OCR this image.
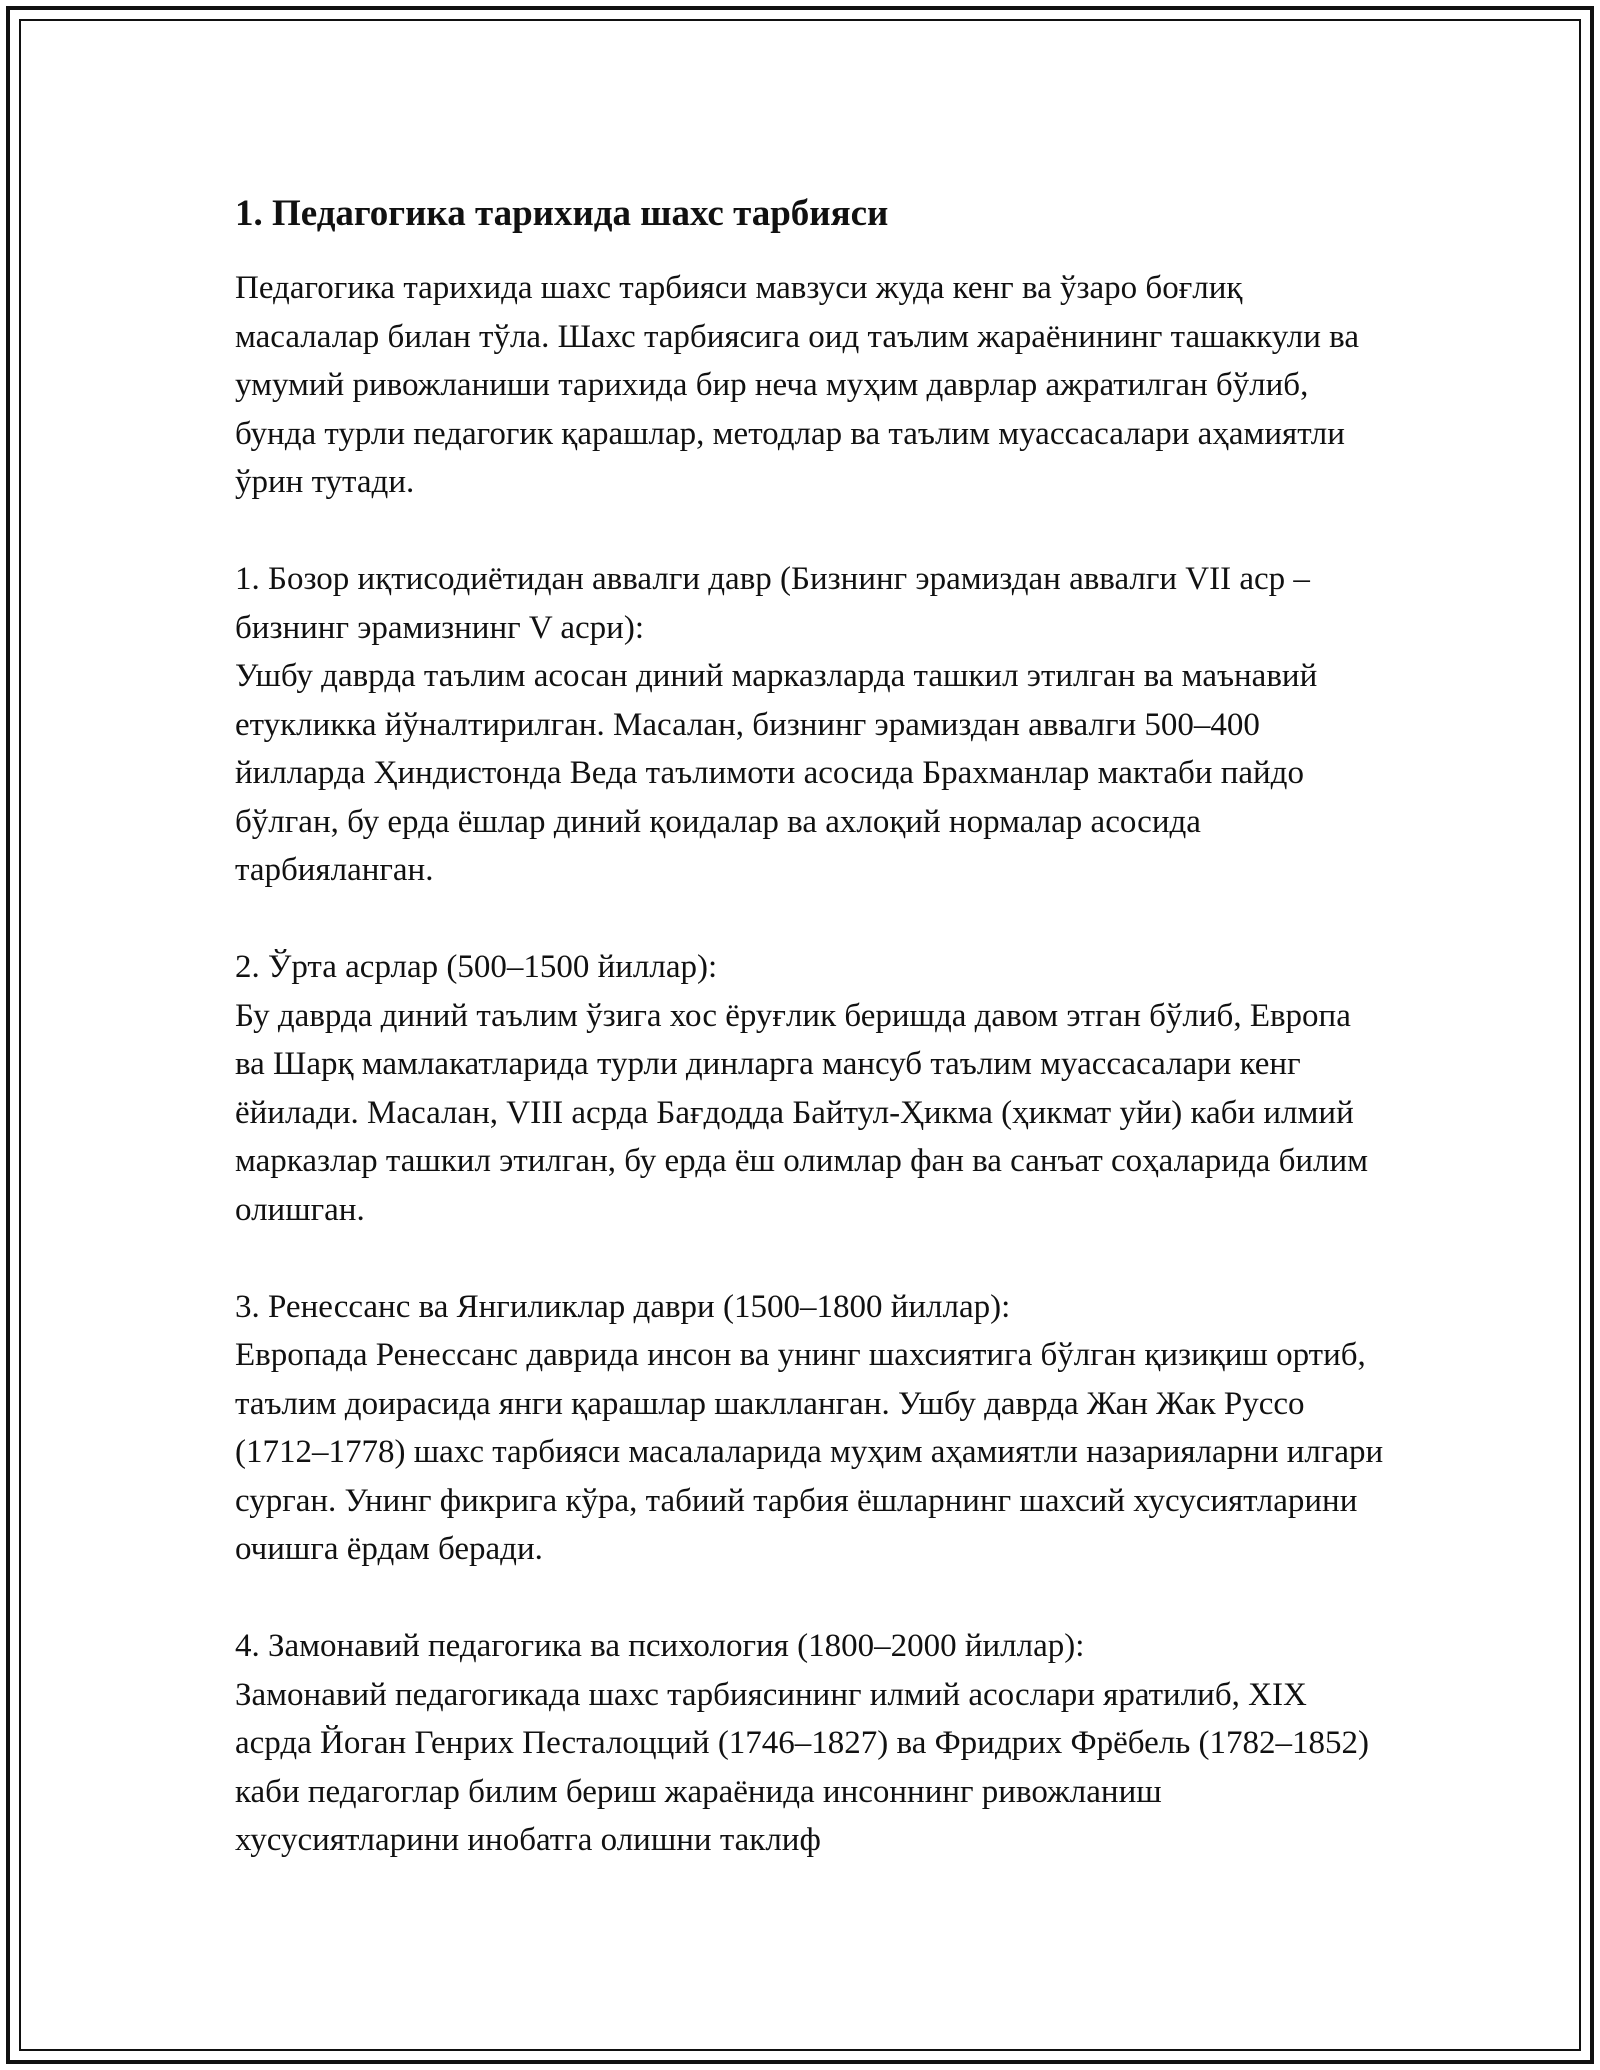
1. Педагогика тарихида шахс тарбияси

Педагогика тарихида шахс тарбияси мавзуси жуда кенг ва ўзаро боғлиқ масалалар билан тўла. Шахс тарбиясига оид таълим жараёнининг ташаккули ва умумий ривожланиши тарихида бир неча муҳим даврлар ажратилган бўлиб, бунда турли педагогик қарашлар, методлар ва таълим муассасалари аҳамиятли ўрин тутади.

1. Бозор иқтисодиётидан аввалги давр (Бизнинг эрамиздан аввалги VII аср – бизнинг эрамизнинг V асри):

Ушбу даврда таълим асосан диний марказларда ташкил этилган ва маънавий етукликка йўналтирилган. Масалан, бизнинг эрамиздан аввалги 500–400 йилларда Ҳиндистонда Веда таълимоти асосида Брахманлар мактаби пайдо бўлган, бу ерда ёшлар диний қоидалар ва ахлоқий нормалар асосида тарбияланган.

2. Ўрта асрлар (500–1500 йиллар):

Бу даврда диний таълим ўзига хос ёруғлик беришда давом этган бўлиб, Европа ва Шарқ мамлакатларида турли динларга мансуб таълим муассасалари кенг ёйилади. Масалан, VIII асрда Бағдодда Байтул-Ҳикма (ҳикмат уйи) каби илмий марказлар ташкил этилган, бу ерда ёш олимлар фан ва санъат соҳаларида билим олишган.

3. Ренессанс ва Янгиликлар даври (1500–1800 йиллар):

Европада Ренессанс даврида инсон ва унинг шахсиятига бўлган қизиқиш ортиб, таълим доирасида янги қарашлар шаклланган. Ушбу даврда Жан Жак Руссо (1712–1778) шахс тарбияси масалаларида муҳим аҳамиятли назарияларни илгари сурган. Унинг фикрига кўра, табиий тарбия ёшларнинг шахсий хусусиятларини очишга ёрдам беради.

4. Замонавий педагогика ва психология (1800–2000 йиллар):

Замонавий педагогикада шахс тарбиясининг илмий асослари яратилиб, XIX асрда Йоган Генрих Песталоцций (1746–1827) ва Фридрих Фрёбель (1782–1852) каби педагоглар билим бериш жараёнида инсоннинг ривожланиш хусусиятларини инобатга олишни таклиф
